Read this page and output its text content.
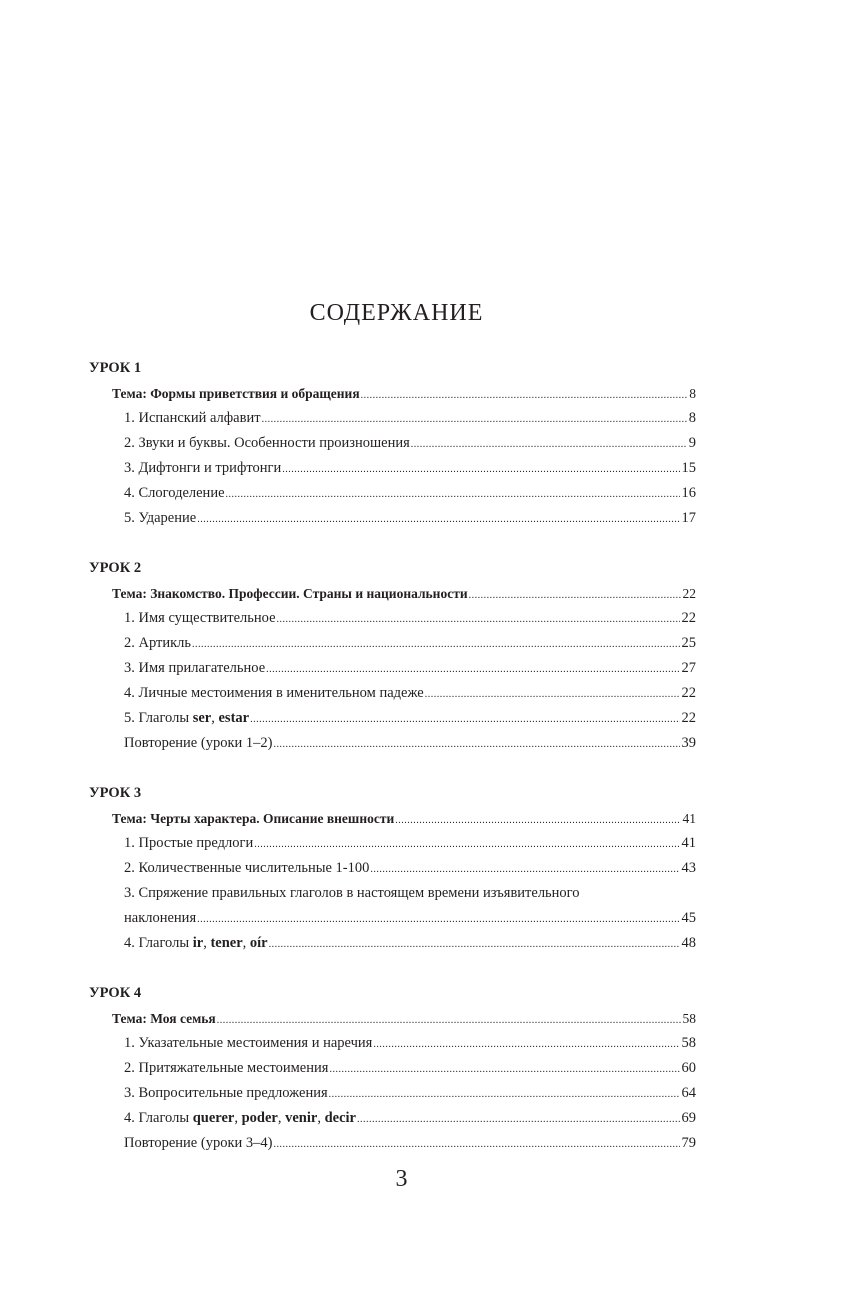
СОДЕРЖАНИЕ
УРОК 1
Тема: Формы приветствия и обращения .....	8
1. Испанский алфавит .....	8
2. Звуки и буквы. Особенности произношения .....	9
3. Дифтонги и трифтонги .....	15
4. Слогоделение .....	16
5. Ударение .....	17
УРОК 2
Тема: Знакомство. Профессии. Страны и национальности .....	22
1. Имя существительное .....	22
2. Артикль .....	25
3. Имя прилагательное .....	27
4. Личные местоимения в именительном падеже .....	22
5. Глаголы ser, estar .....	22
Повторение (уроки 1–2) .....	39
УРОК 3
Тема: Черты характера. Описание внешности .....	41
1. Простые предлоги .....	41
2. Количественные числительные 1-100 .....	43
3. Спряжение правильных глаголов в настоящем времени изъявительного
наклонения .....	45
4. Глаголы ir, tener, oír .....	48
УРОК 4
Тема: Моя семья .....	58
1. Указательные местоимения и наречия .....	58
2. Притяжательные местоимения .....	60
3. Вопросительные предложения .....	64
4. Глаголы querer, poder, venir, decir .....	69
Повторение (уроки 3–4) .....	79
3
